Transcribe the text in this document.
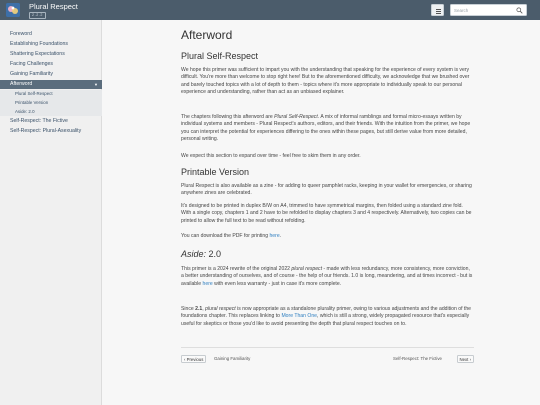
Plural Respect
2.2.2
Search
Foreword
Establishing Foundations
Shattering Expectations
Facing Challenges
Gaining Familiarity
Afterword	▼
Plural Self-Respect
Printable Version
Aside: 2.0
Self-Respect: The Fictive
Self-Respect: Plural-Asexuality
Afterword
Plural Self-Respect

We hope this primer was sufficient to impart you with the understanding that speaking for the experience of every system is very difficult. You're more than welcome to stop right here! But to the aforementioned difficulty, we acknowledge that we brushed over and barely touched topics with a lot of depth to them - topics where it's more appropriate to individually speak to our personal experience and understanding, rather than act as an unbiased explainer.

The chapters following this afterword are Plural Self-Respect. A mix of informal ramblings and formal micro-essays written by individual systems and members - Plural Respect's authors, editors, and their friends. With the intuition from the primer, we hope you can interpret the potential for experiences differing to the ones within these pages, but still derive value from more detailed, personal writing.

We expect this section to expand over time - feel free to skim them in any order.

Printable Version

Plural Respect is also available as a zine - for adding to queer pamphlet racks, keeping in your wallet for emergencies, or sharing anywhere zines are celebrated.

It's designed to be printed in duplex B/W on A4, trimmed to have symmetrical margins, then folded using a standard zine fold. With a single copy, chapters 1 and 2 have to be refolded to display chapters 3 and 4 respectively. Alternatively, two copies can be printed to allow the full text to be read without refolding.

You can download the PDF for printing here.

Aside: 2.0

This primer is a 2024 rewrite of the original 2022 plural respect - made with less redundancy, more consistency, more conviction, a better understanding of ourselves, and of course - the help of our friends. 1.0 is long, meandering, and at times incorrect - but is available here with even less warranty - just in case it's more complete.

Since 2.1, plural respect is now appropriate as a standalone plurality primer, owing to various adjustments and the addition of the foundations chapter. This replaces linking to More Than One, which is still a strong, widely propagated resource that's especially useful for skeptics or those you'd like to avoid presenting the depth that plural respect touches on to.

‹ Previous	Gaining Familiarity	Self-Respect: The Fictive	Next ›
